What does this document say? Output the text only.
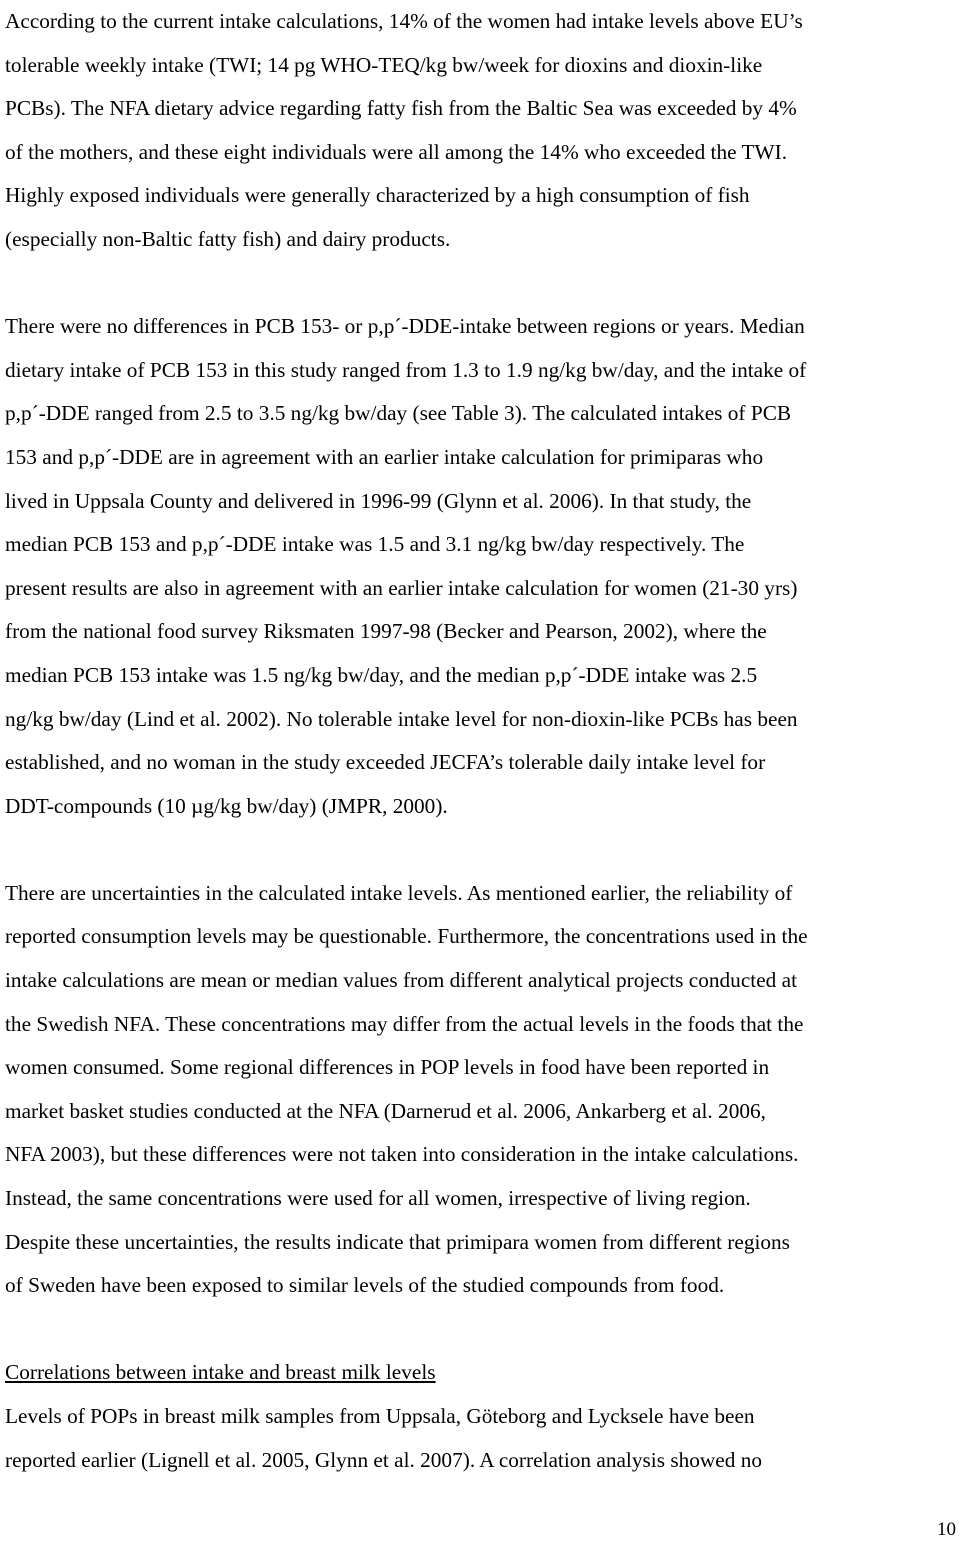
According to the current intake calculations, 14% of the women had intake levels above EU’s
tolerable weekly intake (TWI; 14 pg WHO-TEQ/kg bw/week for dioxins and dioxin-like
PCBs). The NFA dietary advice regarding fatty fish from the Baltic Sea was exceeded by 4%
of the mothers, and these eight individuals were all among the 14% who exceeded the TWI.
Highly exposed individuals were generally characterized by a high consumption of fish
(especially non-Baltic fatty fish) and dairy products.
There were no differences in PCB 153- or p,p´-DDE-intake between regions or years. Median
dietary intake of PCB 153 in this study ranged from 1.3 to 1.9 ng/kg bw/day, and the intake of
p,p´-DDE ranged from 2.5 to 3.5 ng/kg bw/day (see Table 3). The calculated intakes of PCB
153 and p,p´-DDE are in agreement with an earlier intake calculation for primiparas who
lived in Uppsala County and delivered in 1996-99 (Glynn et al. 2006). In that study, the
median PCB 153 and p,p´-DDE intake was 1.5 and 3.1 ng/kg bw/day respectively. The
present results are also in agreement with an earlier intake calculation for women (21-30 yrs)
from the national food survey Riksmaten 1997-98 (Becker and Pearson, 2002), where the
median PCB 153 intake was 1.5 ng/kg bw/day, and the median p,p´-DDE intake was 2.5
ng/kg bw/day (Lind et al. 2002). No tolerable intake level for non-dioxin-like PCBs has been
established, and no woman in the study exceeded JECFA’s tolerable daily intake level for
DDT-compounds (10 µg/kg bw/day) (JMPR, 2000).
There are uncertainties in the calculated intake levels. As mentioned earlier, the reliability of
reported consumption levels may be questionable. Furthermore, the concentrations used in the
intake calculations are mean or median values from different analytical projects conducted at
the Swedish NFA. These concentrations may differ from the actual levels in the foods that the
women consumed. Some regional differences in POP levels in food have been reported in
market basket studies conducted at the NFA (Darnerud et al. 2006, Ankarberg et al. 2006,
NFA 2003), but these differences were not taken into consideration in the intake calculations.
Instead, the same concentrations were used for all women, irrespective of living region.
Despite these uncertainties, the results indicate that primipara women from different regions
of Sweden have been exposed to similar levels of the studied compounds from food.
Correlations between intake and breast milk levels
Levels of POPs in breast milk samples from Uppsala, Göteborg and Lycksele have been
reported earlier (Lignell et al. 2005, Glynn et al. 2007). A correlation analysis showed no
10
